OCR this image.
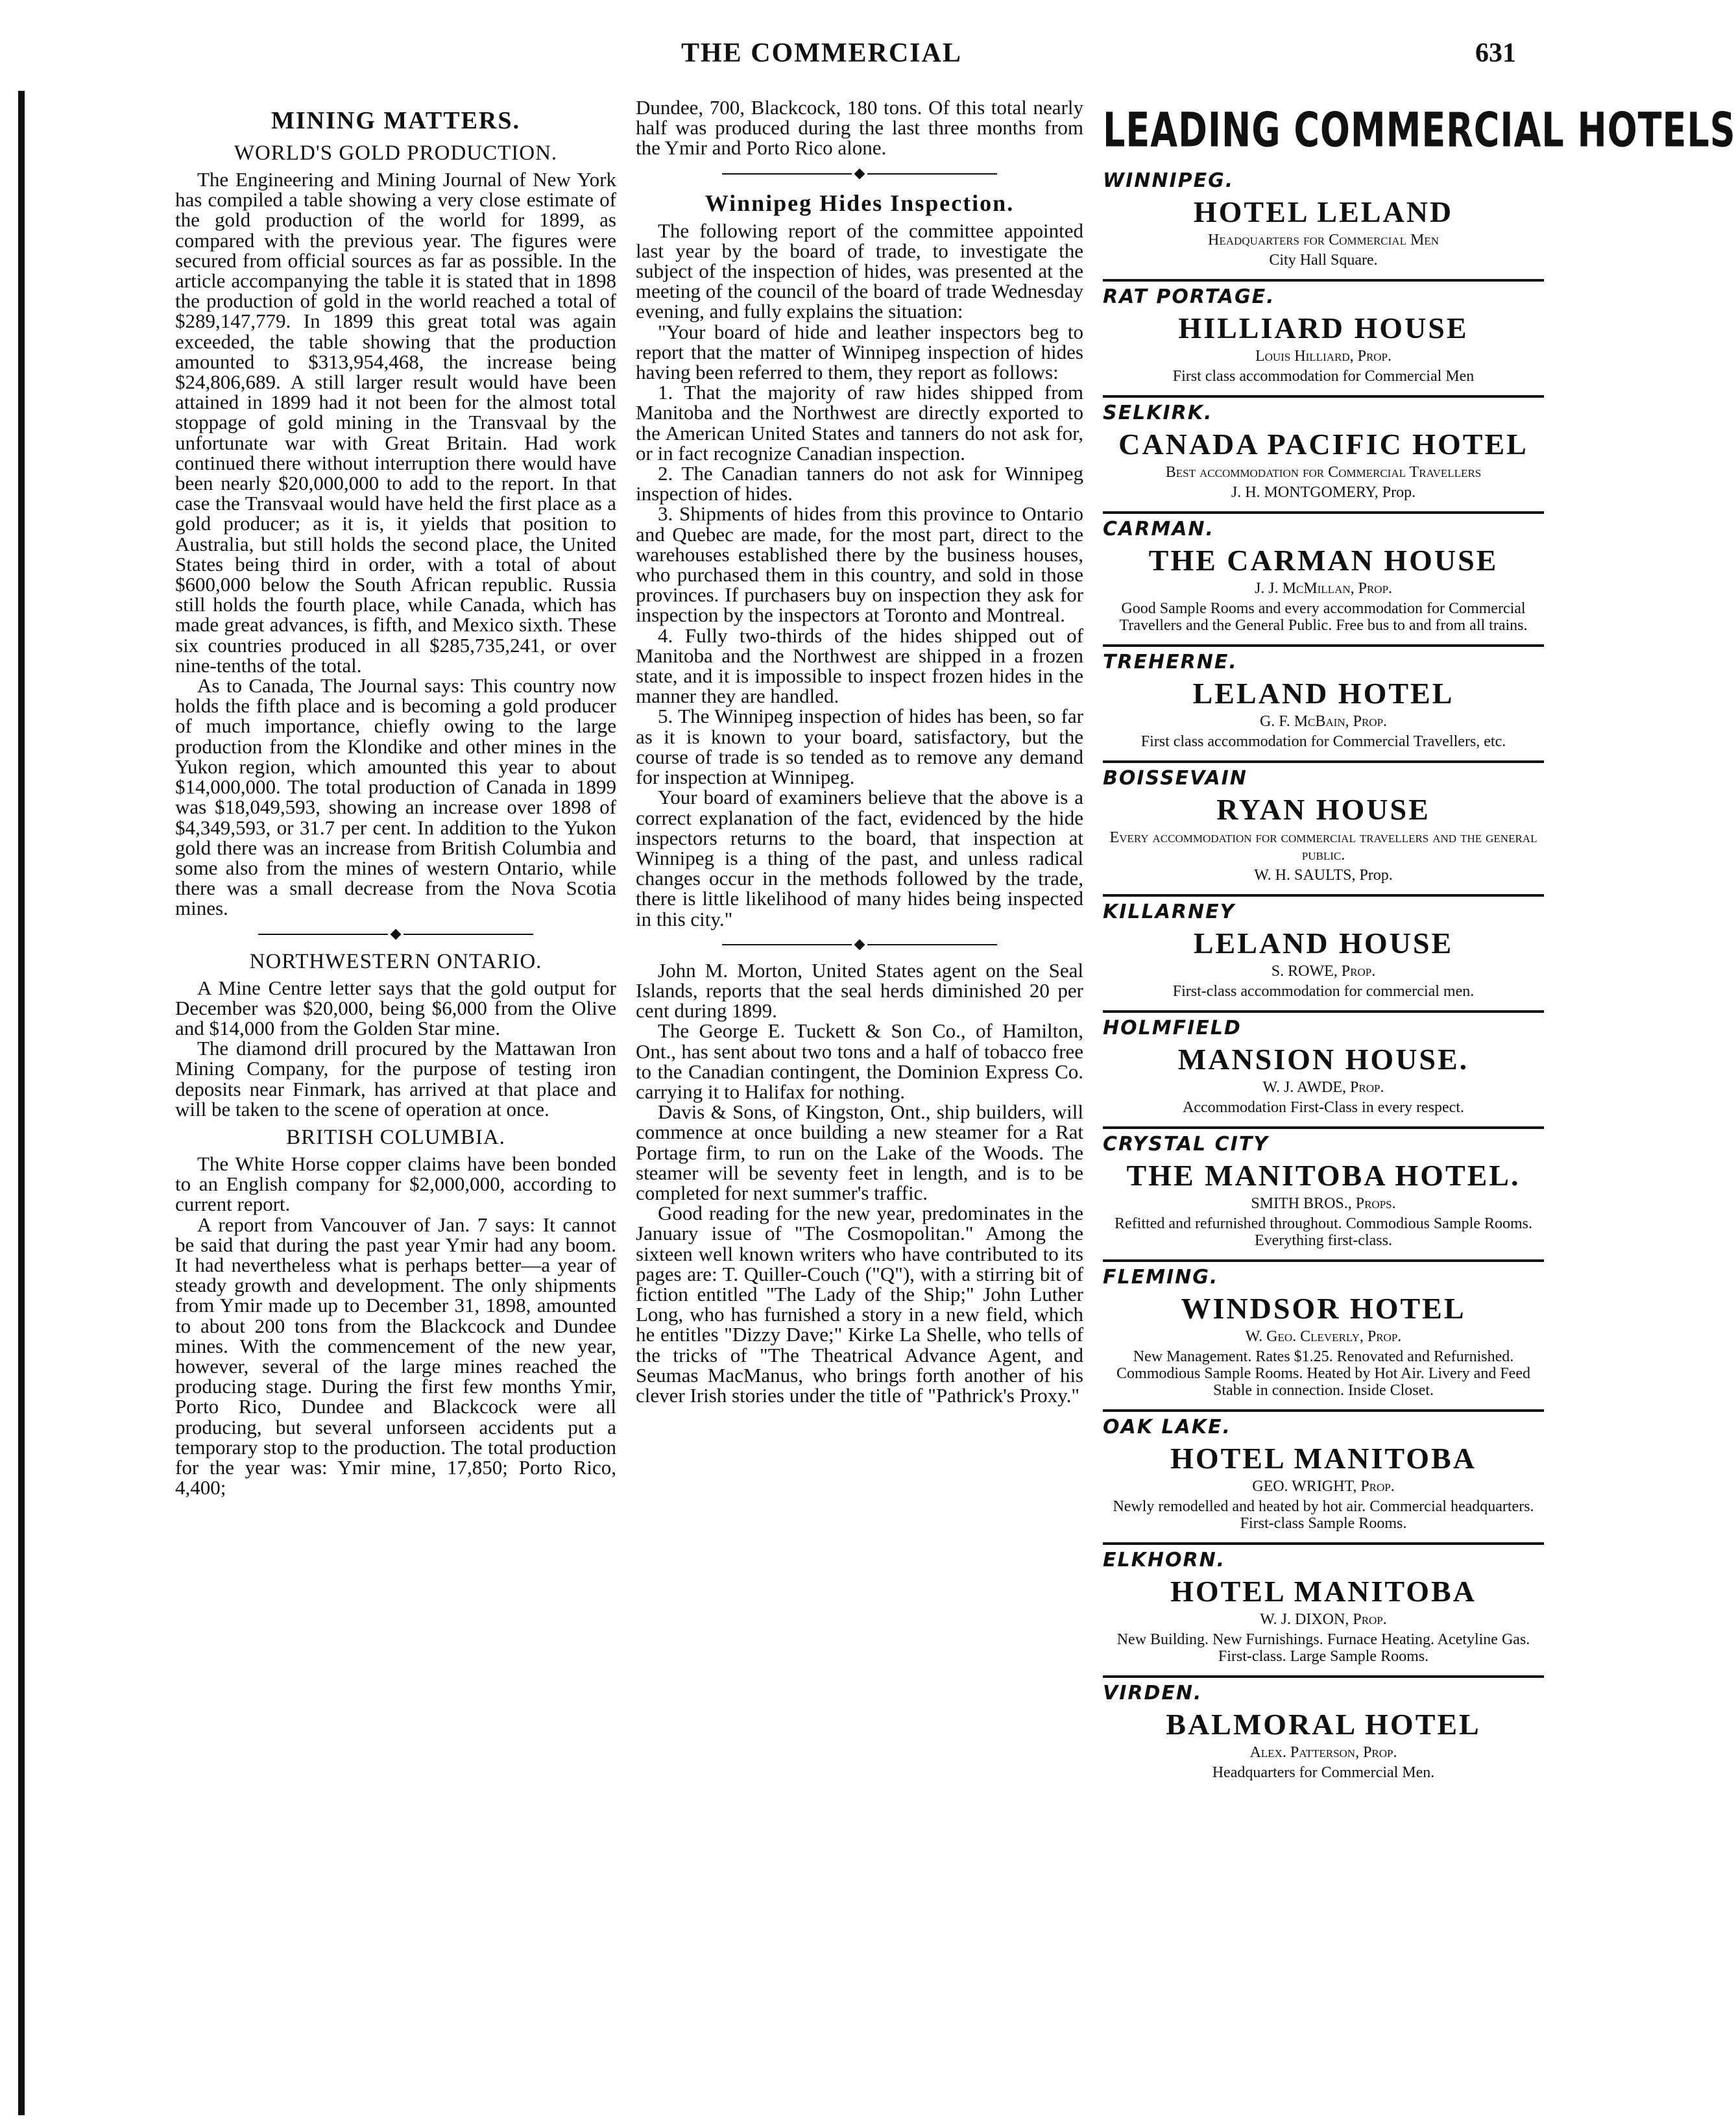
THE COMMERCIAL	631
MINING MATTERS.
WORLD'S GOLD PRODUCTION.

The Engineering and Mining Journal of New York has compiled a table showing a very close estimate of the gold production of the world for 1899, as compared with the previous year. The figures were secured from official sources as far as possible. In the article accompanying the table it is stated that in 1898 the production of gold in the world reached a total of $289,147,779. In 1899 this great total was again exceeded, the table showing that the production amounted to $313,954,468, the increase being $24,806,689. A still larger result would have been attained in 1899 had it not been for the almost total stoppage of gold mining in the Transvaal by the unfortunate war with Great Britain. Had work continued there without interruption there would have been nearly $20,000,000 to add to the report. In that case the Transvaal would have held the first place as a gold producer; as it is, it yields that position to Australia, but still holds the second place, the United States being third in order, with a total of about $600,000 below the South African republic. Russia still holds the fourth place, while Canada, which has made great advances, is fifth, and Mexico sixth. These six countries produced in all $285,735,241, or over nine-tenths of the total.

As to Canada, The Journal says: This country now holds the fifth place and is becoming a gold producer of much importance, chiefly owing to the large production from the Klondike and other mines in the Yukon region, which amounted this year to about $14,000,000. The total production of Canada in 1899 was $18,049,593, showing an increase over 1898 of $4,349,593, or 31.7 per cent. In addition to the Yukon gold there was an increase from British Columbia and some also from the mines of western Ontario, while there was a small decrease from the Nova Scotia mines.

NORTHWESTERN ONTARIO.

A Mine Centre letter says that the gold output for December was $20,000, being $6,000 from the Olive and $14,000 from the Golden Star mine.

The diamond drill procured by the Mattawan Iron Mining Company, for the purpose of testing iron deposits near Finmark, has arrived at that place and will be taken to the scene of operation at once.

BRITISH COLUMBIA.

The White Horse copper claims have been bonded to an English company for $2,000,000, according to current report.

A report from Vancouver of Jan. 7 says: It cannot be said that during the past year Ymir had any boom. It had nevertheless what is perhaps better—a year of steady growth and development. The only shipments from Ymir made up to December 31, 1898, amounted to about 200 tons from the Blackcock and Dundee mines. With the commencement of the new year, however, several of the large mines reached the producing stage. During the first few months Ymir, Porto Rico, Dundee and Blackcock were all producing, but several unforseen accidents put a temporary stop to the production. The total production for the year was: Ymir mine, 17,850; Porto Rico, 4,400;

Dundee, 700, Blackcock, 180 tons. Of this total nearly half was produced during the last three months from the Ymir and Porto Rico alone.

Winnipeg Hides Inspection.

The following report of the committee appointed last year by the board of trade, to investigate the subject of the inspection of hides, was presented at the meeting of the council of the board of trade Wednesday evening, and fully explains the situation:

"Your board of hide and leather inspectors beg to report that the matter of Winnipeg inspection of hides having been referred to them, they report as follows:

1. That the majority of raw hides shipped from Manitoba and the Northwest are directly exported to the American United States and tanners do not ask for, or in fact recognize Canadian inspection.

2. The Canadian tanners do not ask for Winnipeg inspection of hides.

3. Shipments of hides from this province to Ontario and Quebec are made, for the most part, direct to the warehouses established there by the business houses, who purchased them in this country, and sold in those provinces. If purchasers buy on inspection they ask for inspection by the inspectors at Toronto and Montreal.

4. Fully two-thirds of the hides shipped out of Manitoba and the Northwest are shipped in a frozen state, and it is impossible to inspect frozen hides in the manner they are handled.

5. The Winnipeg inspection of hides has been, so far as it is known to your board, satisfactory, but the course of trade is so tended as to remove any demand for inspection at Winnipeg.

Your board of examiners believe that the above is a correct explanation of the fact, evidenced by the hide inspectors returns to the board, that inspection at Winnipeg is a thing of the past, and unless radical changes occur in the methods followed by the trade, there is little likelihood of many hides being inspected in this city."

John M. Morton, United States agent on the Seal Islands, reports that the seal herds diminished 20 per cent during 1899.

The George E. Tuckett & Son Co., of Hamilton, Ont., has sent about two tons and a half of tobacco free to the Canadian contingent, the Dominion Express Co. carrying it to Halifax for nothing.

Davis & Sons, of Kingston, Ont., ship builders, will commence at once building a new steamer for a Rat Portage firm, to run on the Lake of the Woods. The steamer will be seventy feet in length, and is to be completed for next summer's traffic.

Good reading for the new year, predominates in the January issue of "The Cosmopolitan." Among the sixteen well known writers who have contributed to its pages are: T. Quiller-Couch ("Q"), with a stirring bit of fiction entitled "The Lady of the Ship;" John Luther Long, who has furnished a story in a new field, which he entitles "Dizzy Dave;" Kirke La Shelle, who tells of the tricks of "The Theatrical Advance Agent, and Seumas MacManus, who brings forth another of his clever Irish stories under the title of "Pathrick's Proxy."

LEADING COMMERCIAL HOTELS
WINNIPEG.
HOTEL LELAND
Headquarters for Commercial Men
City Hall Square.
RAT PORTAGE.
HILLIARD HOUSE
Louis Hilliard, Prop.
First class accommodation for Commercial Men
SELKIRK.
CANADA PACIFIC HOTEL
Best accommodation for Commercial Travellers
J. H. MONTGOMERY, Prop.
CARMAN.
THE CARMAN HOUSE
J. J. McMillan, Prop.
Good Sample Rooms and every accommodation for Commercial Travellers and the General Public. Free bus to and from all trains.
TREHERNE.
LELAND HOTEL
G. F. McBain, Prop.
First class accommodation for Commercial Travellers, etc.
BOISSEVAIN
RYAN HOUSE
Every accommodation for commercial travellers and the general public.
W. H. SAULTS, Prop.
KILLARNEY
LELAND HOUSE
S. ROWE, Prop.
First-class accommodation for commercial men.
HOLMFIELD
MANSION HOUSE.
W. J. AWDE, Prop.
Accommodation First-Class in every respect.
CRYSTAL CITY
THE MANITOBA HOTEL.
SMITH BROS., Props.
Refitted and refurnished throughout. Commodious Sample Rooms. Everything first-class.
FLEMING.
WINDSOR HOTEL
W. Geo. Cleverly, Prop.
New Management. Rates $1.25. Renovated and Refurnished. Commodious Sample Rooms. Heated by Hot Air. Livery and Feed Stable in connection. Inside Closet.
OAK LAKE.
HOTEL MANITOBA
GEO. WRIGHT, Prop.
Newly remodelled and heated by hot air. Commercial headquarters. First-class Sample Rooms.
ELKHORN.
HOTEL MANITOBA
W. J. DIXON, Prop.
New Building. New Furnishings. Furnace Heating. Acetyline Gas. First-class. Large Sample Rooms.
VIRDEN.
BALMORAL HOTEL
Alex. Patterson, Prop.
Headquarters for Commercial Men.
